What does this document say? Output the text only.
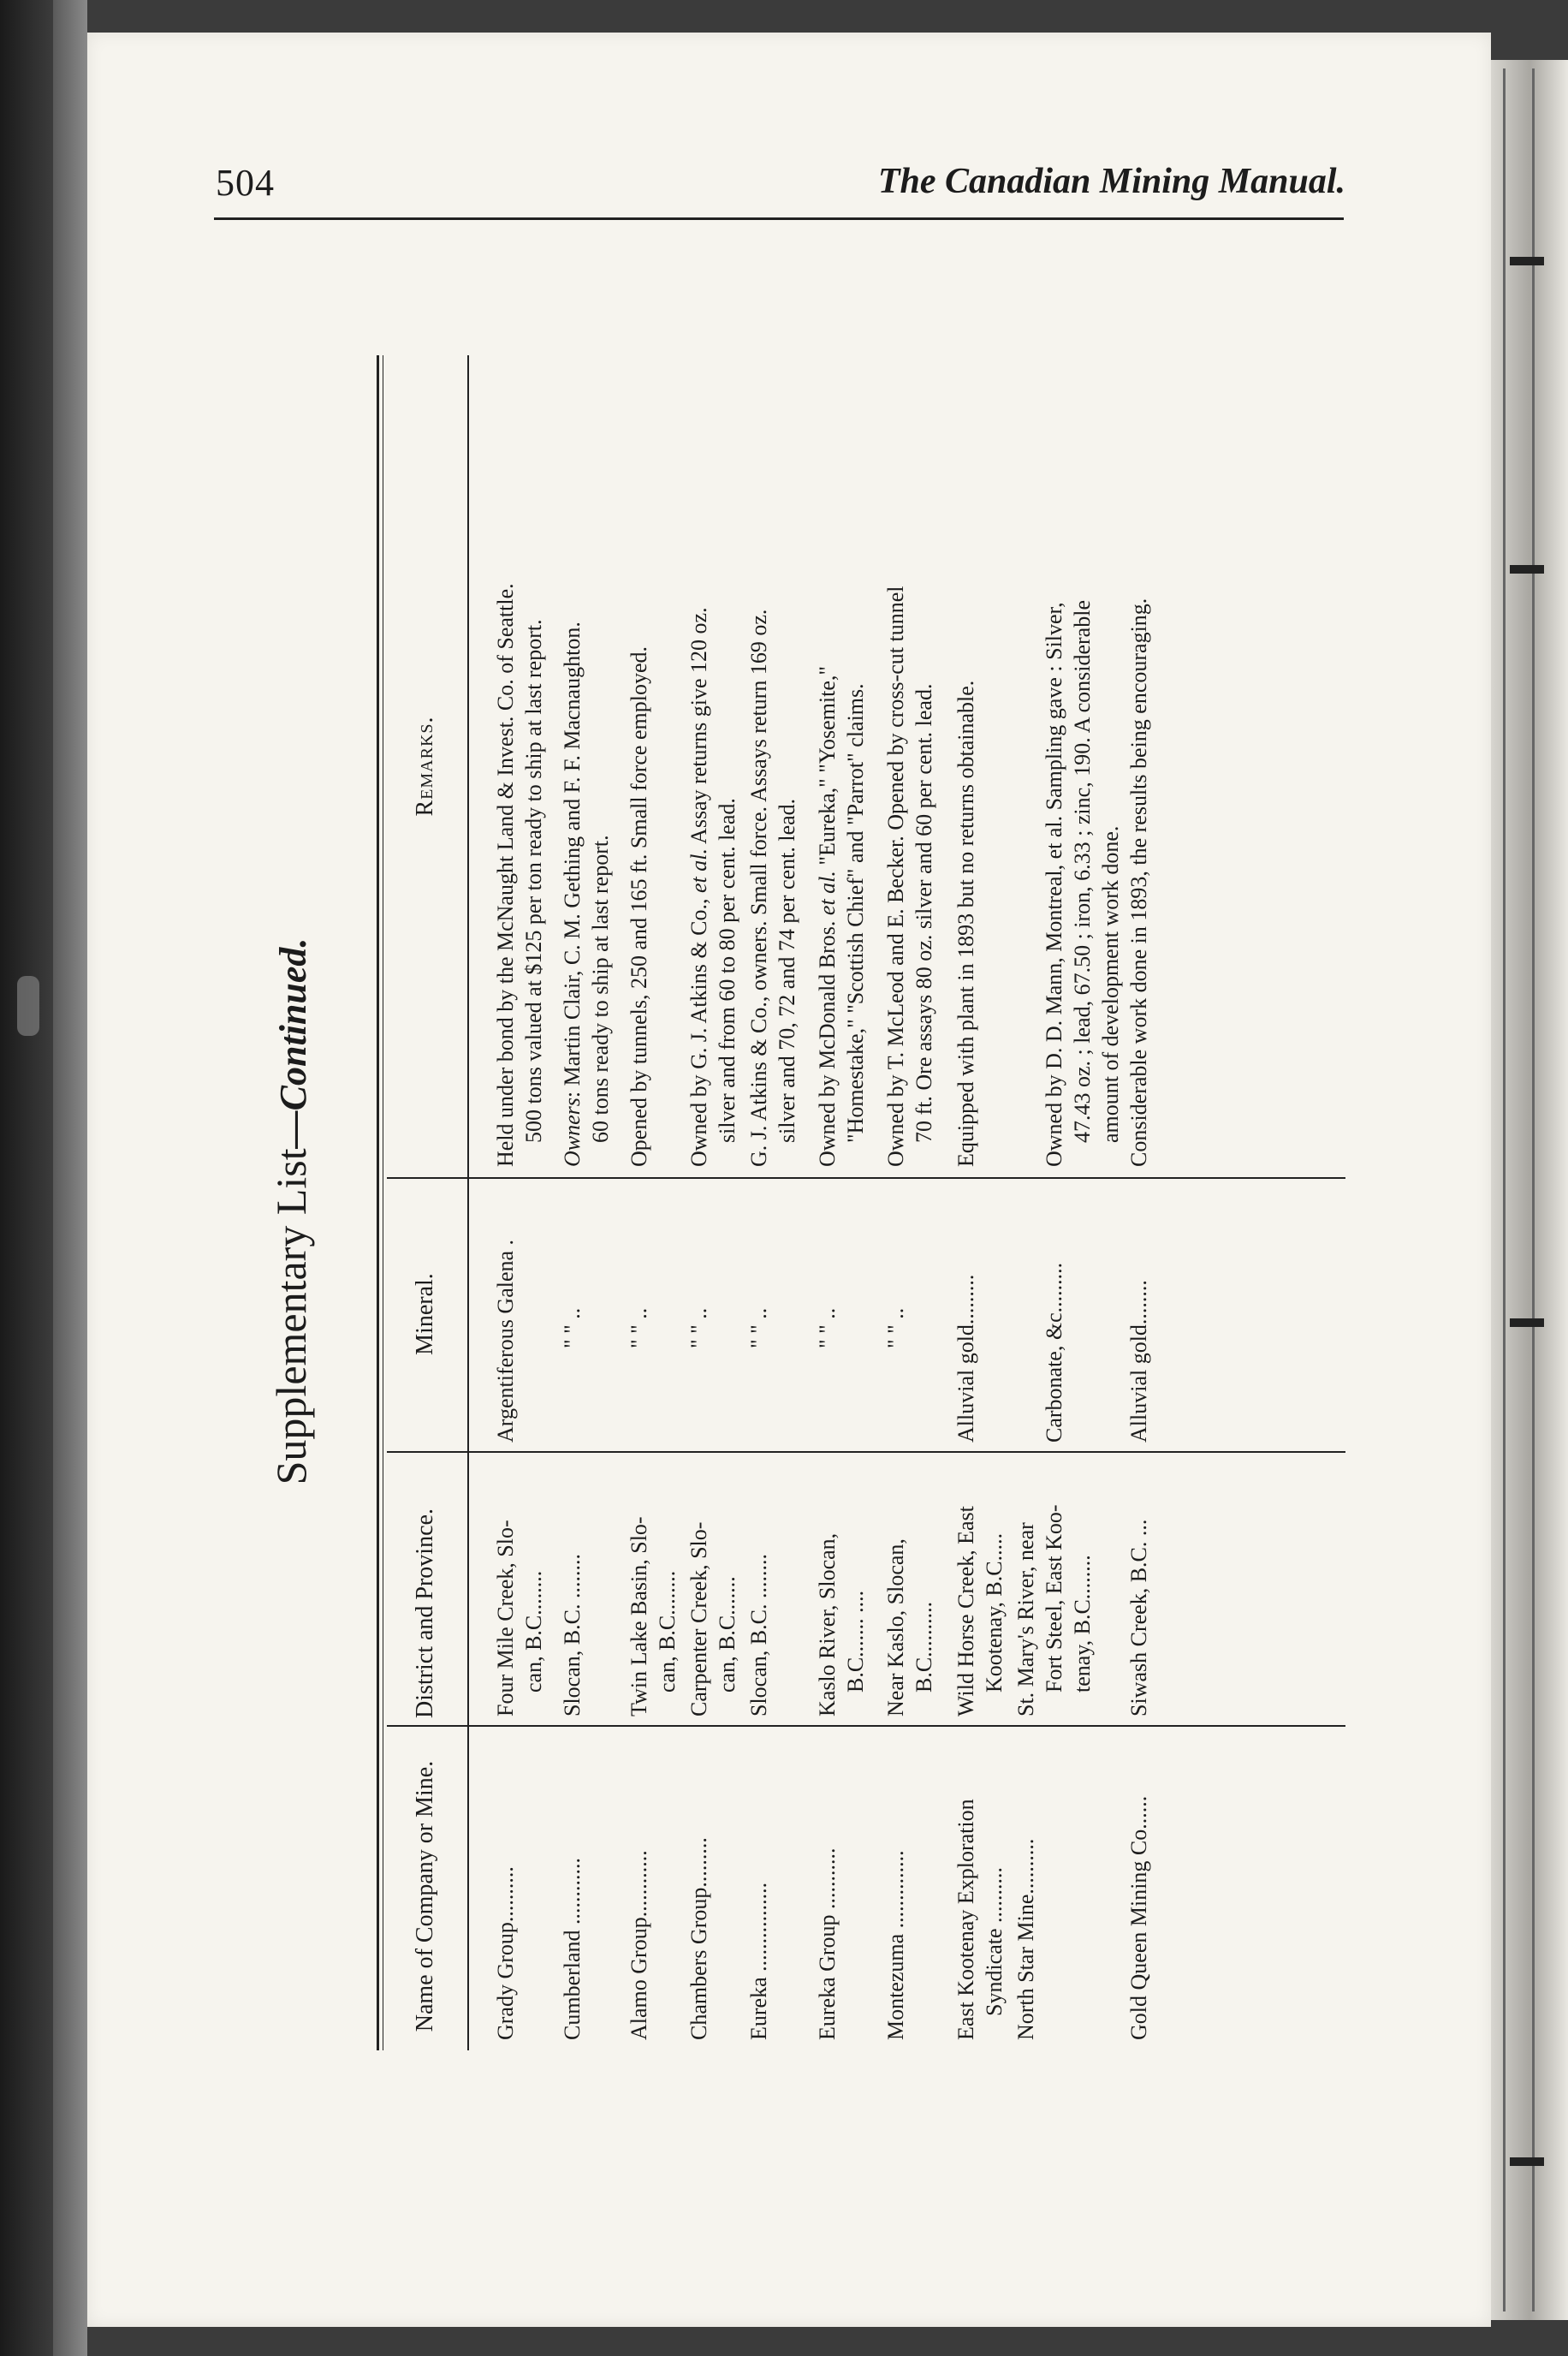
504	The Canadian Mining Manual.
Supplementary List—Continued.
Name of Company or Mine.
District and Province.
Mineral.
Remarks.
Grady Group..........
Four Mile Creek, Slo- can, B.C........
Argentiferous Galena .
Held under bond by the McNaught Land & Invest. Co. of Seattle. 500 tons valued at $125 per ton ready to ship at last report.
Cumberland ............
Slocan, B.C. ........
" " ..
Owners: Martin Clair, C. M. Gething and F. F. Macnaughton. 60 tons ready to ship at last report.
Alamo Group............
Twin Lake Basin, Slo- can, B.C........
" " ..
Opened by tunnels, 250 and 165 ft. Small force employed.
Chambers Group.........
Carpenter Creek, Slo- can, B.C.......
" " ..
Owned by G. J. Atkins & Co., et al. Assay returns give 120 oz.
silver and from 60 to 80 per cent. lead.
Eureka ................
Slocan, B.C. ........
" " ..
G. J. Atkins & Co., owners. Small force. Assays return 169 oz. silver and 70, 72 and 74 per cent. lead.
Eureka Group ...........
Kaslo River, Slocan, B.C....... ....
" " ..
Owned by McDonald Bros. et al. "Eureka," "Yosemite," "Homestake," "Scottish Chief" and "Parrot" claims.
Montezuma ..............
Near Kaslo, Slocan, B.C..........
" " ..
Owned by T. McLeod and E. Becker. Opened by cross-cut tunnel 70 ft. Ore assays 80 oz. silver and 60 per cent. lead.
East Kootenay Exploration Syndicate ..........
Wild Horse Creek, East Kootenay, B.C.....
Alluvial gold.........
Equipped with plant in 1893 but no returns obtainable.
North Star Mine..........
St. Mary's River, near Fort Steel, East Koo- tenay, B.C........
Carbonate, &c.........
Owned by D. D. Mann, Montreal, et al. Sampling gave : Silver, 47.43 oz. ; lead, 67.50 ; iron, 6.33 ; zinc, 190. A considerable amount of development work done.
Gold Queen Mining Co......
Siwash Creek, B.C. ...
Alluvial gold........
Considerable work done in 1893, the results being encouraging.
